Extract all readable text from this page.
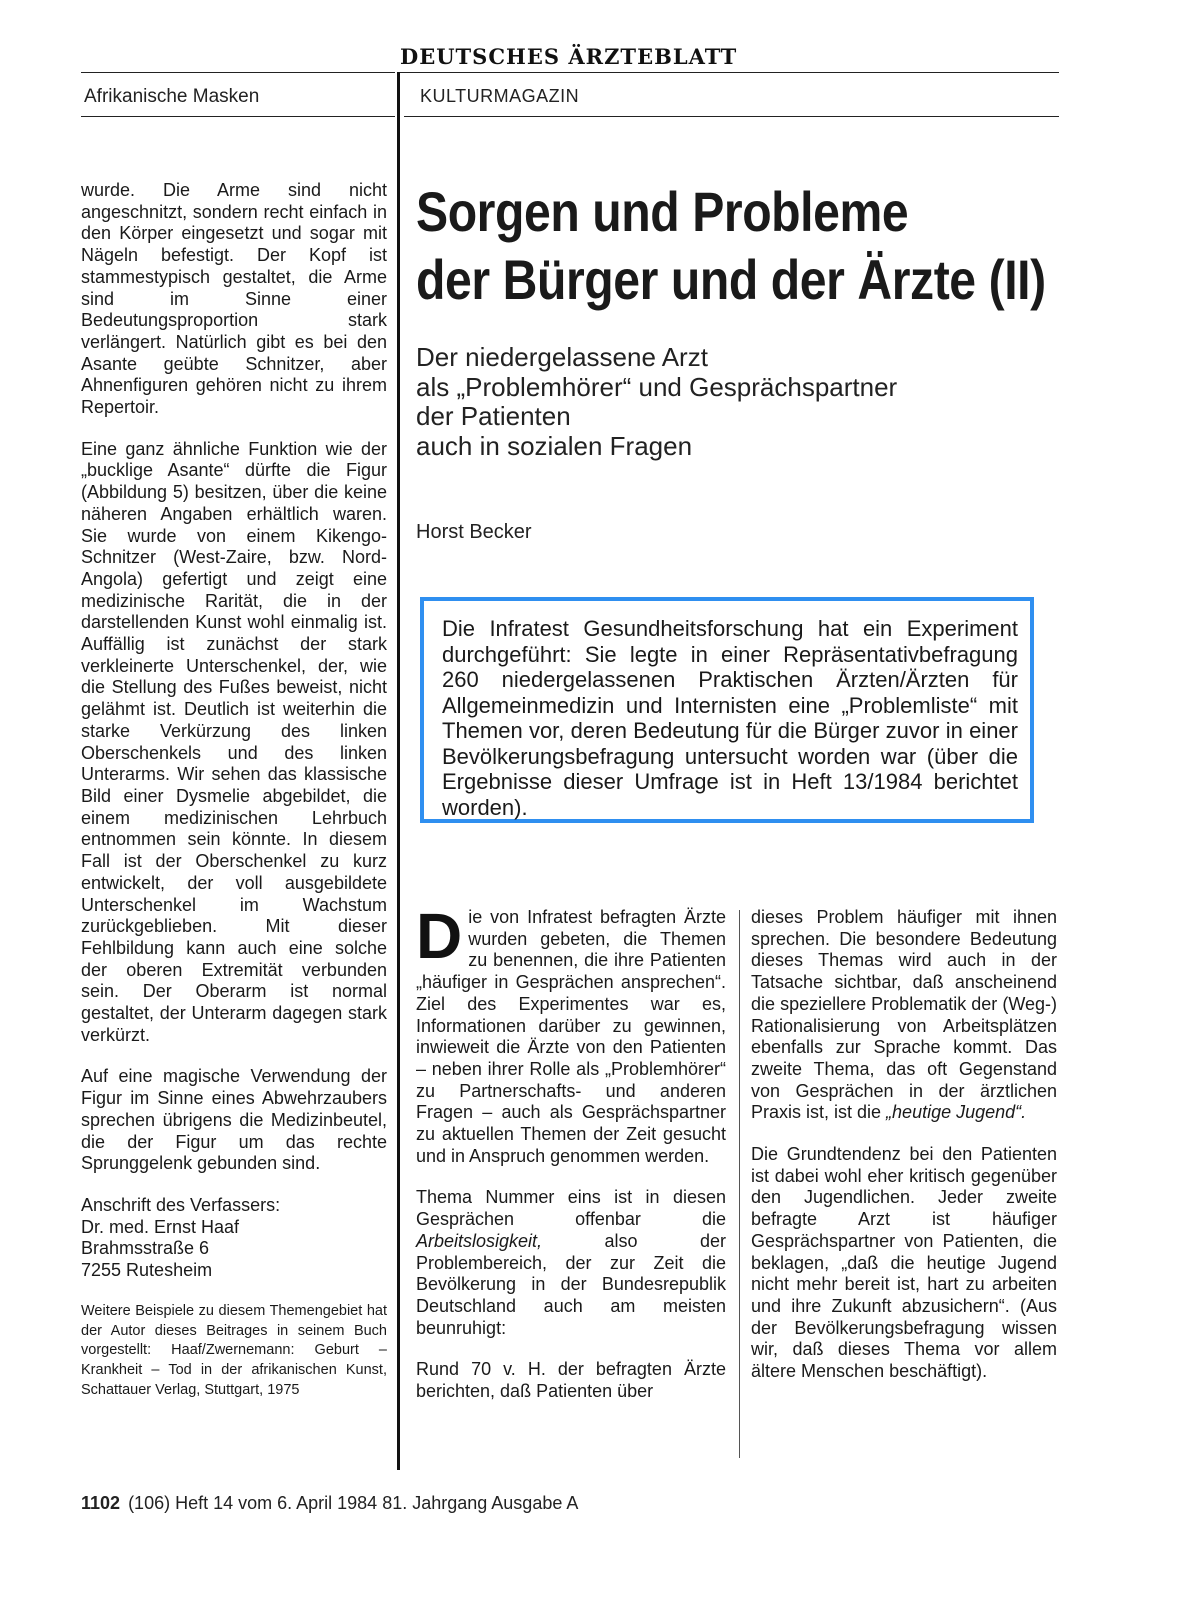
DEUTSCHES ÄRZTEBLATT
Afrikanische Masken	KULTURMAGAZIN

wurde. Die Arme sind nicht angeschnitzt, sondern recht einfach in den Körper eingesetzt und sogar mit Nägeln befestigt. Der Kopf ist stammestypisch gestaltet, die Arme sind im Sinne einer Bedeutungsproportion stark verlängert. Natürlich gibt es bei den Asante geübte Schnitzer, aber Ahnenfiguren gehören nicht zu ihrem Repertoir.

Eine ganz ähnliche Funktion wie der „bucklige Asante“ dürfte die Figur (Abbildung 5) besitzen, über die keine näheren Angaben erhältlich waren. Sie wurde von einem Kikengo-Schnitzer (West-Zaire, bzw. Nord-Angola) gefertigt und zeigt eine medizinische Rarität, die in der darstellenden Kunst wohl einmalig ist. Auffällig ist zunächst der stark verkleinerte Unterschenkel, der, wie die Stellung des Fußes beweist, nicht gelähmt ist. Deutlich ist weiterhin die starke Verkürzung des linken Oberschenkels und des linken Unterarms. Wir sehen das klassische Bild einer Dysmelie abgebildet, die einem medizinischen Lehrbuch entnommen sein könnte. In diesem Fall ist der Oberschenkel zu kurz entwickelt, der voll ausgebildete Unterschenkel im Wachstum zurückgeblieben. Mit dieser Fehlbildung kann auch eine solche der oberen Extremität verbunden sein. Der Oberarm ist normal gestaltet, der Unterarm dagegen stark verkürzt.

Auf eine magische Verwendung der Figur im Sinne eines Abwehrzaubers sprechen übrigens die Medizinbeutel, die der Figur um das rechte Sprunggelenk gebunden sind.

Anschrift des Verfassers:

Dr. med. Ernst Haaf

Brahmsstraße 6

7255 Rutesheim

Weitere Beispiele zu diesem Themengebiet hat der Autor dieses Beitrages in seinem Buch vorgestellt: Haaf/Zwernemann: Geburt – Krankheit – Tod in der afrikanischen Kunst, Schattauer Verlag, Stuttgart, 1975

Sorgen und Probleme
der Bürger und der Ärzte (II)
Der niedergelassene Arzt
als „Problemhörer“ und Gesprächspartner
der Patienten
auch in sozialen Fragen
Horst Becker

Die Infratest Gesundheitsforschung hat ein Experiment durchgeführt: Sie legte in einer Repräsentativbefragung 260 niedergelassenen Praktischen Ärzten/Ärzten für Allgemeinmedizin und Internisten eine „Problemliste“ mit Themen vor, deren Bedeutung für die Bürger zuvor in einer Bevölkerungsbefragung untersucht worden war (über die Ergebnisse dieser Umfrage ist in Heft 13/1984 berichtet worden).

Die von Infratest befragten Ärzte wurden gebeten, die Themen zu benennen, die ihre Patienten „häufiger in Gesprächen ansprechen“. Ziel des Experimentes war es, Informationen darüber zu gewinnen, inwieweit die Ärzte von den Patienten – neben ihrer Rolle als „Problemhörer“ zu Partnerschafts- und anderen Fragen – auch als Gesprächspartner zu aktuellen Themen der Zeit gesucht und in Anspruch genommen werden.

Thema Nummer eins ist in diesen Gesprächen offenbar die Arbeitslosigkeit, also der Problembereich, der zur Zeit die Bevölkerung in der Bundesrepublik Deutschland auch am meisten beunruhigt:

Rund 70 v. H. der befragten Ärzte berichten, daß Patienten über

dieses Problem häufiger mit ihnen sprechen. Die besondere Bedeutung dieses Themas wird auch in der Tatsache sichtbar, daß anscheinend die speziellere Problematik der (Weg-) Rationalisierung von Arbeitsplätzen ebenfalls zur Sprache kommt. Das zweite Thema, das oft Gegenstand von Gesprächen in der ärztlichen Praxis ist, ist die „heutige Jugend“.

Die Grundtendenz bei den Patienten ist dabei wohl eher kritisch gegenüber den Jugendlichen. Jeder zweite befragte Arzt ist häufiger Gesprächspartner von Patienten, die beklagen, „daß die heutige Jugend nicht mehr bereit ist, hart zu arbeiten und ihre Zukunft abzusichern“. (Aus der Bevölkerungsbefragung wissen wir, daß dieses Thema vor allem ältere Menschen beschäftigt).

1102 (106) Heft 14 vom 6. April 1984 81. Jahrgang Ausgabe A
